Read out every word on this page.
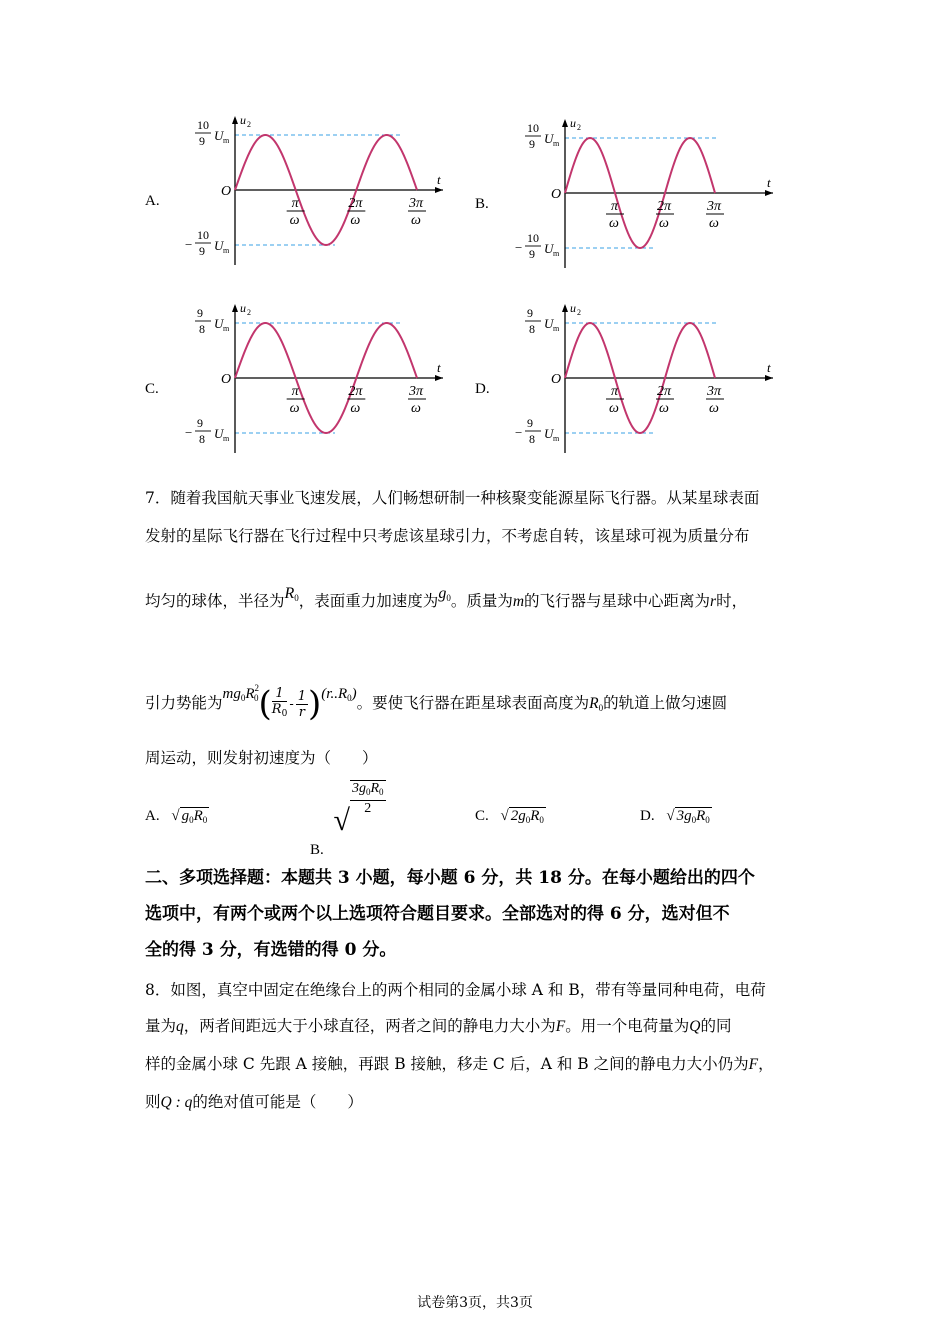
A.
u 2
t
O
π
ω
2π
ω
3π
ω
10
9 U m
−
10
9 U m
B.
u 2
t
O
π
ω
2π
ω
3π
ω
10
9 U m
−
10
9 U m
C.
u 2
t
O
π
ω
2π
ω
3π
ω
9
8 U m
−
9
8 U m
D.
u 2
t
O
π
ω
2π
ω
3π
ω
9
8 U m
−
9
8 U m
7．随着我国航天事业飞速发展，人们畅想研制一种核聚变能源星际飞行器。从某星球表面
发射的星际飞行器在飞行过程中只考虑该星球引力，不考虑自转，该星球可视为质量分布
均匀的球体，半径为$R_0$，表面重力加速度为$g_0$。质量为m的飞行器与星球中心距离为r时，
引力势能为$mg_0R^2_0( \frac{1}{R_0} - \frac{1}{r} )(r..R_0)$。要使飞行器在距星球表面高度为$R_0$的轨道上做匀速圆
周运动，则发射初速度为（　　）
A. √ $g_0R_0$
B. √
$\frac{3g_0R_0}{2}$	C. √ $2g_0R_0$	D. √ $3g_0R_0$
二、多项选择题：本题共 3 小题，每小题 6 分，共 18 分。在每小题给出的四个
选项中，有两个或两个以上选项符合题目要求。全部选对的得 6 分，选对但不
全的得 3 分，有选错的得 0 分。
8．如图，真空中固定在绝缘台上的两个相同的金属小球 A 和 B，带有等量同种电荷，电荷
量为q，两者间距远大于小球直径，两者之间的静电力大小为F。用一个电荷量为Q的同
样的金属小球 C 先跟 A 接触，再跟 B 接触，移走 C 后，A 和 B 之间的静电力大小仍为F，
则Q : q的绝对值可能是（　　）
试卷第3页，共3页
